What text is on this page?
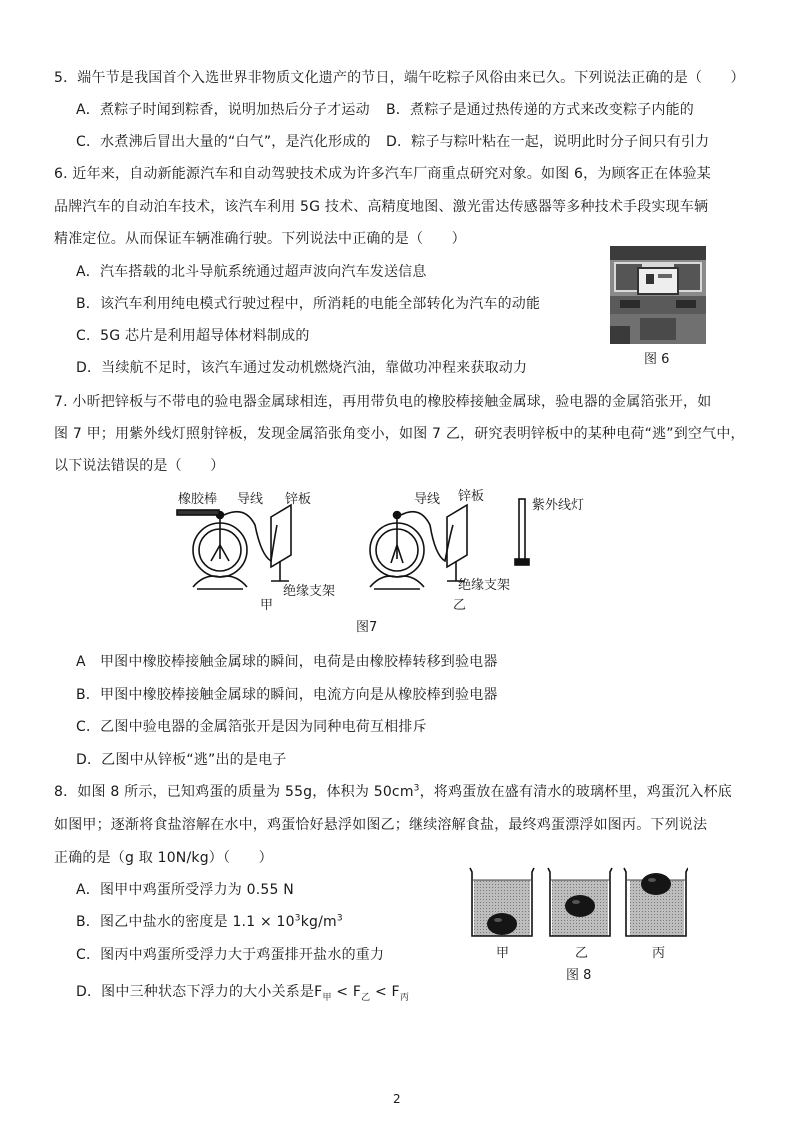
5．端午节是我国首个入选世界非物质文化遗产的节日，端午吃粽子风俗由来已久。下列说法正确的是（　　）
A．煮粽子时闻到粽香，说明加热后分子才运动 B．煮粽子是通过热传递的方式来改变粽子内能的
C．水煮沸后冒出大量的“白气”，是汽化形成的 D．粽子与粽叶粘在一起，说明此时分子间只有引力
6. 近年来，自动新能源汽车和自动驾驶技术成为许多汽车厂商重点研究对象。如图 6，为顾客正在体验某
品牌汽车的自动泊车技术，该汽车利用 5G 技术、高精度地图、激光雷达传感器等多种技术手段实现车辆
精准定位。从而保证车辆准确行驶。下列说法中正确的是（　　）
A．汽车搭载的北斗导航系统通过超声波向汽车发送信息
B．该汽车利用纯电模式行驶过程中，所消耗的电能全部转化为汽车的动能
C．5G 芯片是利用超导体材料制成的
D．当续航不足时，该汽车通过发动机燃烧汽油，靠做功冲程来获取动力
图 6
7. 小昕把锌板与不带电的验电器金属球相连，再用带负电的橡胶棒接触金属球，验电器的金属箔张开，如
图 7 甲；用紫外线灯照射锌板，发现金属箔张角变小，如图 7 乙，研究表明锌板中的某种电荷“逃”到空气中，
以下说法错误的是（　　）
橡胶棒 导线 锌板
绝缘支架
甲
导线 锌板
紫外线灯
绝缘支架
乙
图7
A　甲图中橡胶棒接触金属球的瞬间，电荷是由橡胶棒转移到验电器
B．甲图中橡胶棒接触金属球的瞬间，电流方向是从橡胶棒到验电器
C．乙图中验电器的金属箔张开是因为同种电荷互相排斥
D．乙图中从锌板“逃”出的是电子
8．如图 8 所示，已知鸡蛋的质量为 55g，体积为 $50cm^3$，将鸡蛋放在盛有清水的玻璃杯里，鸡蛋沉入杯底
如图甲；逐渐将食盐溶解在水中，鸡蛋恰好悬浮如图乙；继续溶解食盐，最终鸡蛋漂浮如图丙。下列说法
正确的是（g 取 10N/kg）（　　）
A．图甲中鸡蛋所受浮力为 0.55 N
B．图乙中盐水的密度是 $1.1 \times 10^3kg/m^3$
C．图丙中鸡蛋所受浮力大于鸡蛋排开盐水的重力
D．图中三种状态下浮力的大小关系是$F_甲 < F_乙 < F_丙$
甲	乙	丙
图 8
2
